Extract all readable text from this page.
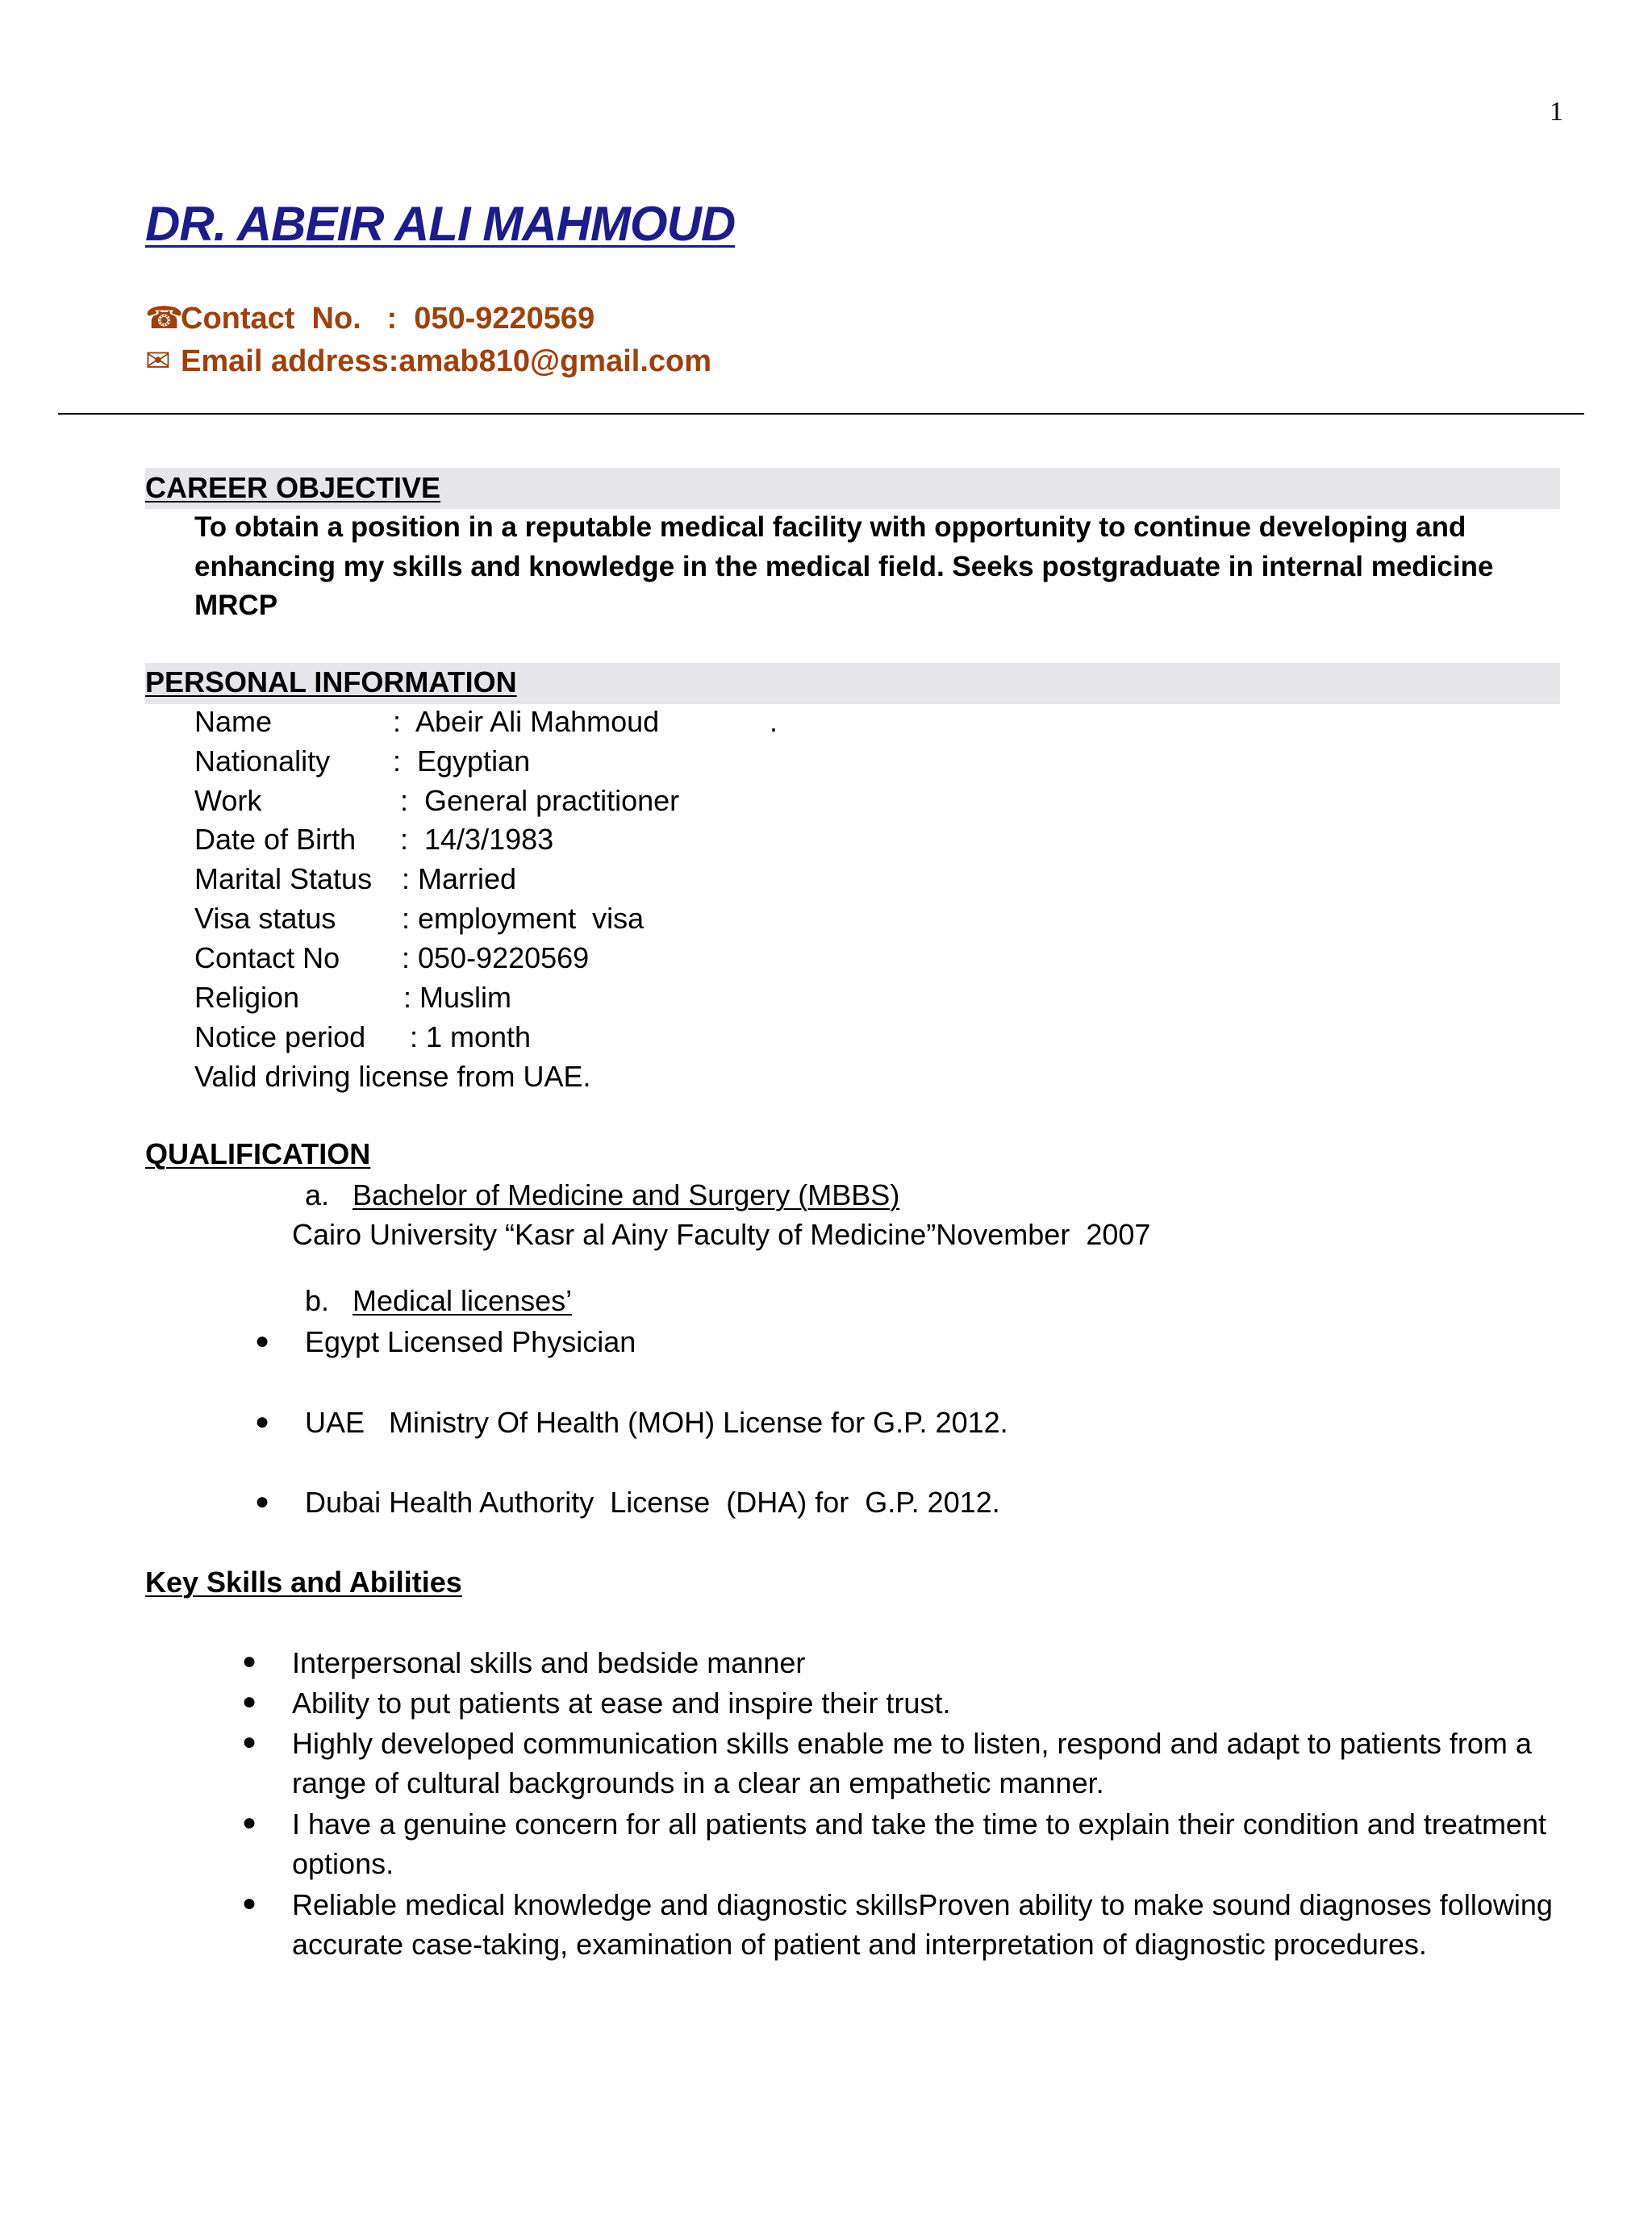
1
DR. ABEIR ALI MAHMOUD
☎Contact  No.   :  050-9220569
✉ Email address:amab810@gmail.com
CAREER OBJECTIVE

To obtain a position in a reputable medical facility with opportunity to continue developing and enhancing my skills and knowledge in the medical field. Seeks postgraduate in internal medicine MRCP

PERSONAL INFORMATION
Name	:  Abeir Ali Mahmoud	.
Nationality :  Egyptian
Work	:  General practitioner
Date of Birth :  14/3/1983
Marital Status : Married
Visa status : employment  visa
Contact No : 050-9220569
Religion	: Muslim
Notice period : 1 month
Valid driving license from UAE.
QUALIFICATION
a. Bachelor of Medicine and Surgery (MBBS)
Cairo University “Kasr al Ainy Faculty of Medicine”November  2007
b. Medical licenses’
● Egypt Licensed Physician
● UAE   Ministry Of Health (MOH) License for G.P. 2012.
● Dubai Health Authority  License  (DHA) for  G.P. 2012.
Key Skills and Abilities
● Interpersonal skills and bedside manner

● Ability to put patients at ease and inspire their trust.

● Highly developed communication skills enable me to listen, respond and adapt to patients from a range of cultural backgrounds in a clear an empathetic manner.

● I have a genuine concern for all patients and take the time to explain their condition and treatment options.

● Reliable medical knowledge and diagnostic skillsProven ability to make sound diagnoses following accurate case-taking, examination of patient and interpretation of diagnostic procedures.
